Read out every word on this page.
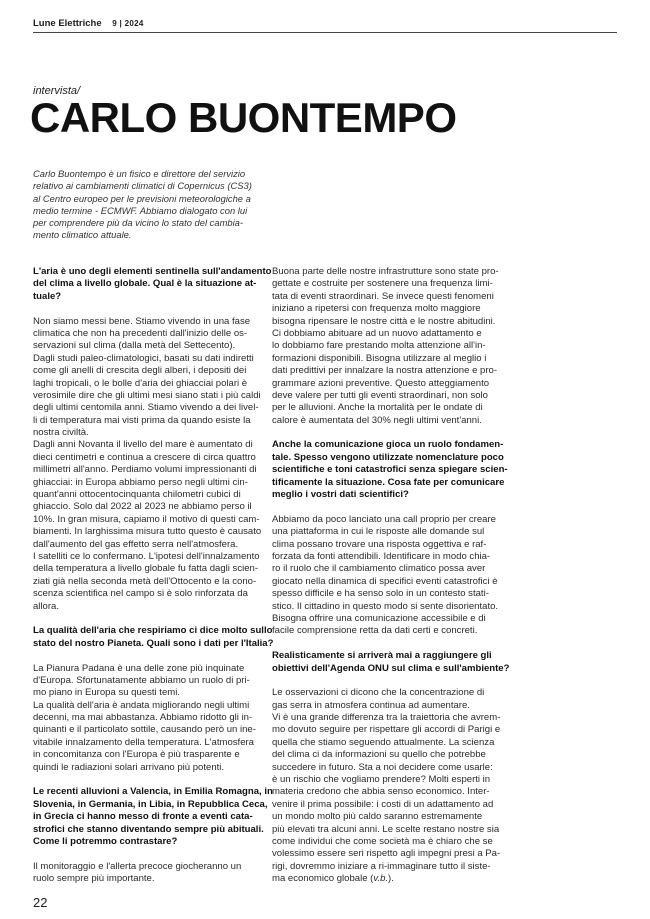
Lune Elettriche 9 | 2024
intervista/
CARLO BUONTEMPO
Carlo Buontempo è un fisico e direttore del servizio
relativo ai cambiamenti climatici di Copernicus (CS3)
al Centro europeo per le previsioni meteorologiche a
medio termine - ECMWF. Abbiamo dialogato con lui
per comprendere più da vicino lo stato del cambia-
mento climatico attuale.
L'aria è uno degli elementi sentinella sull'andamento
del clima a livello globale. Qual è la situazione at-
tuale?
Non siamo messi bene. Stiamo vivendo in una fase
climatica che non ha precedenti dall'inizio delle os-
servazioni sul clima (dalla metà del Settecento).
Dagli studi paleo-climatologici, basati su dati indiretti
come gli anelli di crescita degli alberi, i depositi dei
laghi tropicali, o le bolle d'aria dei ghiacciai polari è
verosimile dire che gli ultimi mesi siano stati i più caldi
degli ultimi centomila anni. Stiamo vivendo a dei livel-
li di temperatura mai visti prima da quando esiste la
nostra civiltà.
Dagli anni Novanta il livello del mare è aumentato di
dieci centimetri e continua a crescere di circa quattro
millimetri all'anno. Perdiamo volumi impressionanti di
ghiacciai: in Europa abbiamo perso negli ultimi cin-
quant'anni ottocentocinquanta chilometri cubici di
ghiaccio. Solo dal 2022 al 2023 ne abbiamo perso il
10%. In gran misura, capiamo il motivo di questi cam-
biamenti. In larghissima misura tutto questo è causato
dall'aumento del gas effetto serra nell'atmosfera.
I satelliti ce lo confermano. L'ipotesi dell'innalzamento
della temperatura a livello globale fu fatta dagli scien-
ziati già nella seconda metà dell'Ottocento e la cono-
scenza scientifica nel campo si è solo rinforzata da
allora.
La qualità dell'aria che respiriamo ci dice molto sullo
stato del nostro Pianeta. Quali sono i dati per l'Italia?
La Pianura Padana è una delle zone più inquinate
d'Europa. Sfortunatamente abbiamo un ruolo di pri-
mo piano in Europa su questi temi.
La qualità dell'aria è andata migliorando negli ultimi
decenni, ma mai abbastanza. Abbiamo ridotto gli in-
quinanti e il particolato sottile, causando però un ine-
vitabile innalzamento della temperatura. L'atmosfera
in concomitanza con l'Europa è più trasparente e
quindi le radiazioni solari arrivano più potenti.
Le recenti alluvioni a Valencia, in Emilia Romagna, in
Slovenia, in Germania, in Libia, in Repubblica Ceca,
in Grecia ci hanno messo di fronte a eventi cata-
strofici che stanno diventando sempre più abituali.
Come li potremmo contrastare?
Il monitoraggio e l'allerta precoce giocheranno un
ruolo sempre più importante.
Buona parte delle nostre infrastrutture sono state pro-
gettate e costruite per sostenere una frequenza limi-
tata di eventi straordinari. Se invece questi fenomeni
iniziano a ripetersi con frequenza molto maggiore
bisogna ripensare le nostre città e le nostre abitudini.
Ci dobbiamo abituare ad un nuovo adattamento e
lo dobbiamo fare prestando molta attenzione all'in-
formazioni disponibili. Bisogna utilizzare al meglio i
dati predittivi per innalzare la nostra attenzione e pro-
grammare azioni preventive. Questo atteggiamento
deve valere per tutti gli eventi straordinari, non solo
per le alluvioni. Anche la mortalità per le ondate di
calore è aumentata del 30% negli ultimi vent'anni.
Anche la comunicazione gioca un ruolo fondamen-
tale. Spesso vengono utilizzate nomenclature poco
scientifiche e toni catastrofici senza spiegare scien-
tificamente la situazione. Cosa fate per comunicare
meglio i vostri dati scientifici?
Abbiamo da poco lanciato una call proprio per creare
una piattaforma in cui le risposte alle domande sul
clima possano trovare una risposta oggettiva e raf-
forzata da fonti attendibili. Identificare in modo chia-
ro il ruolo che il cambiamento climatico possa aver
giocato nella dinamica di specifici eventi catastrofici è
spesso difficile e ha senso solo in un contesto stati-
stico. Il cittadino in questo modo si sente disorientato.
Bisogna offrire una comunicazione accessibile e di
facile comprensione retta da dati certi e concreti.
Realisticamente si arriverà mai a raggiungere gli
obiettivi dell'Agenda ONU sul clima e sull'ambiente?
Le osservazioni ci dicono che la concentrazione di
gas serra in atmosfera continua ad aumentare.
Vi è una grande differenza tra la traiettoria che avrem-
mo dovuto seguire per rispettare gli accordi di Parigi e
quella che stiamo seguendo attualmente. La scienza
del clima ci da informazioni su quello che potrebbe
succedere in futuro. Sta a noi decidere come usarle:
è un rischio che vogliamo prendere? Molti esperti in
materia credono che abbia senso economico. Inter-
venire il prima possibile: i costi di un adattamento ad
un mondo molto più caldo saranno estremamente
più elevati tra alcuni anni. Le scelte restano nostre sia
come individui che come società ma è chiaro che se
volessimo essere seri rispetto agli impegni presi a Pa-
rigi, dovremmo iniziare a ri-immaginare tutto il siste-
ma economico globale (v.b.).
22
